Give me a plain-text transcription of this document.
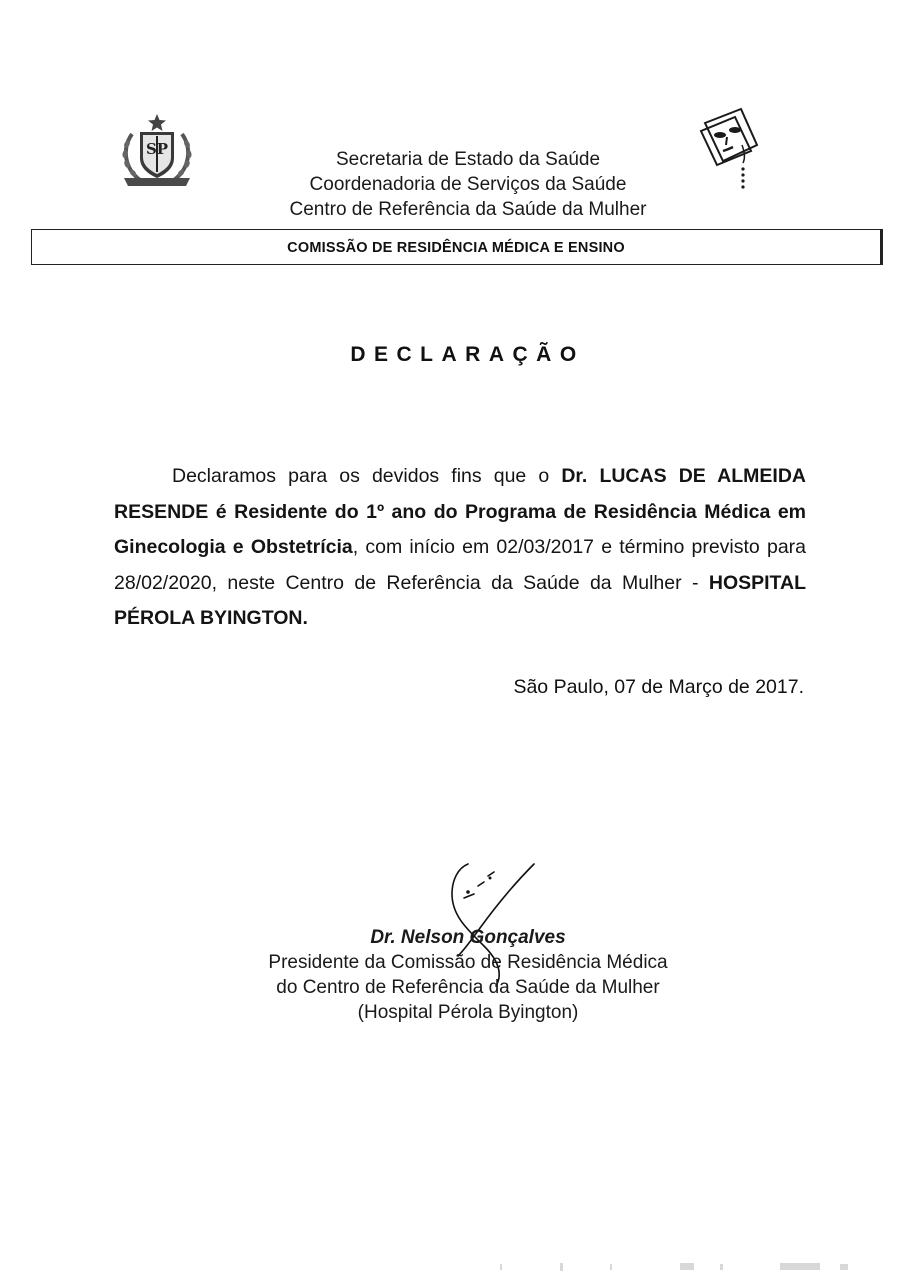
SP	Secretaria de Estado da Saúde
Coordenadoria de Serviços da Saúde
Centro de Referência da Saúde da Mulher
COMISSÃO DE RESIDÊNCIA MÉDICA E ENSINO
DECLARAÇÃO
Declaramos para os devidos fins que o Dr. LUCAS DE ALMEIDA RESENDE é Residente do 1º ano do Programa de Residência Médica em Ginecologia e Obstetrícia, com início em 02/03/2017 e término previsto para 28/02/2020, neste Centro de Referência da Saúde da Mulher - HOSPITAL PÉROLA BYINGTON.
São Paulo, 07 de Março de 2017.
Dr. Nelson Gonçalves
Presidente da Comissão de Residência Médica
do Centro de Referência da Saúde da Mulher
(Hospital Pérola Byington)
